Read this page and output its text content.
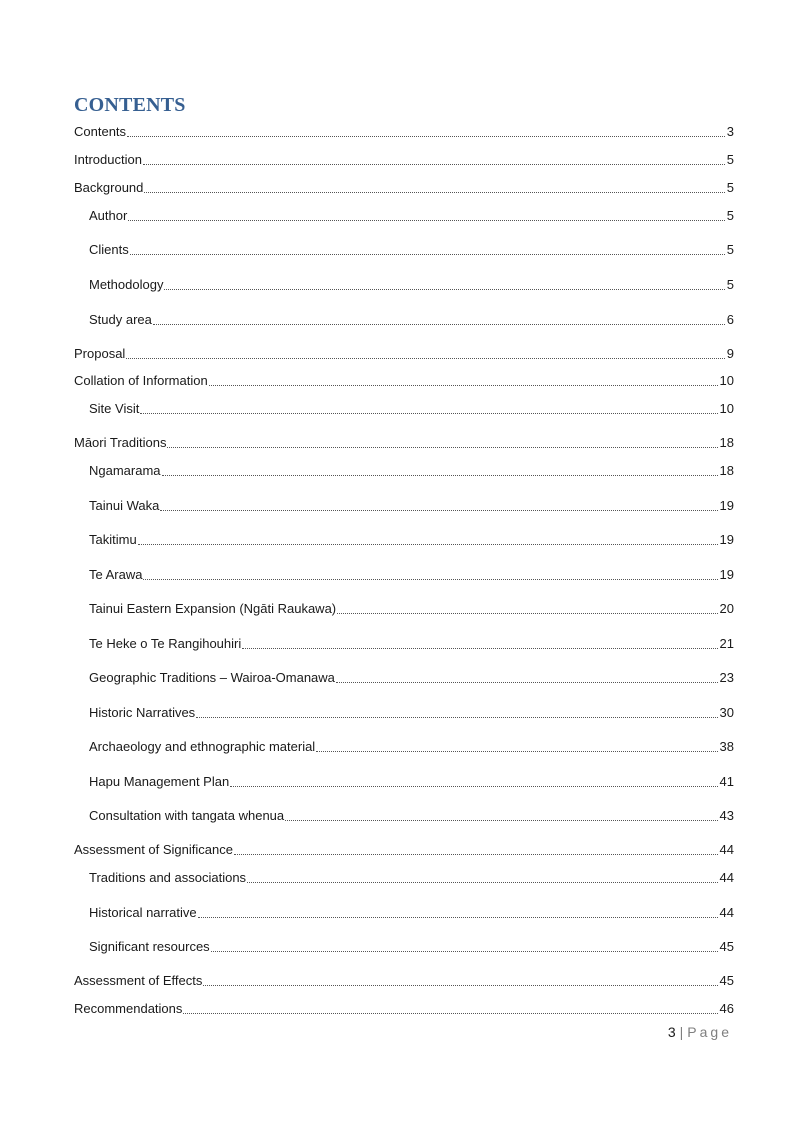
CONTENTS
Contents	3
Introduction	5
Background	5
Author	5
Clients	5
Methodology	5
Study area	6
Proposal	9
Collation of Information	10
Site Visit	10
Māori Traditions	18
Ngamarama	18
Tainui Waka	19
Takitimu	19
Te Arawa	19
Tainui Eastern Expansion (Ngāti Raukawa)	20
Te Heke o Te Rangihouhiri	21
Geographic Traditions – Wairoa-Omanawa	23
Historic Narratives	30
Archaeology and ethnographic material	38
Hapu Management Plan	41
Consultation with tangata whenua	43
Assessment of Significance	44
Traditions and associations	44
Historical narrative	44
Significant resources	45
Assessment of Effects	45
Recommendations	46
3 | Page
